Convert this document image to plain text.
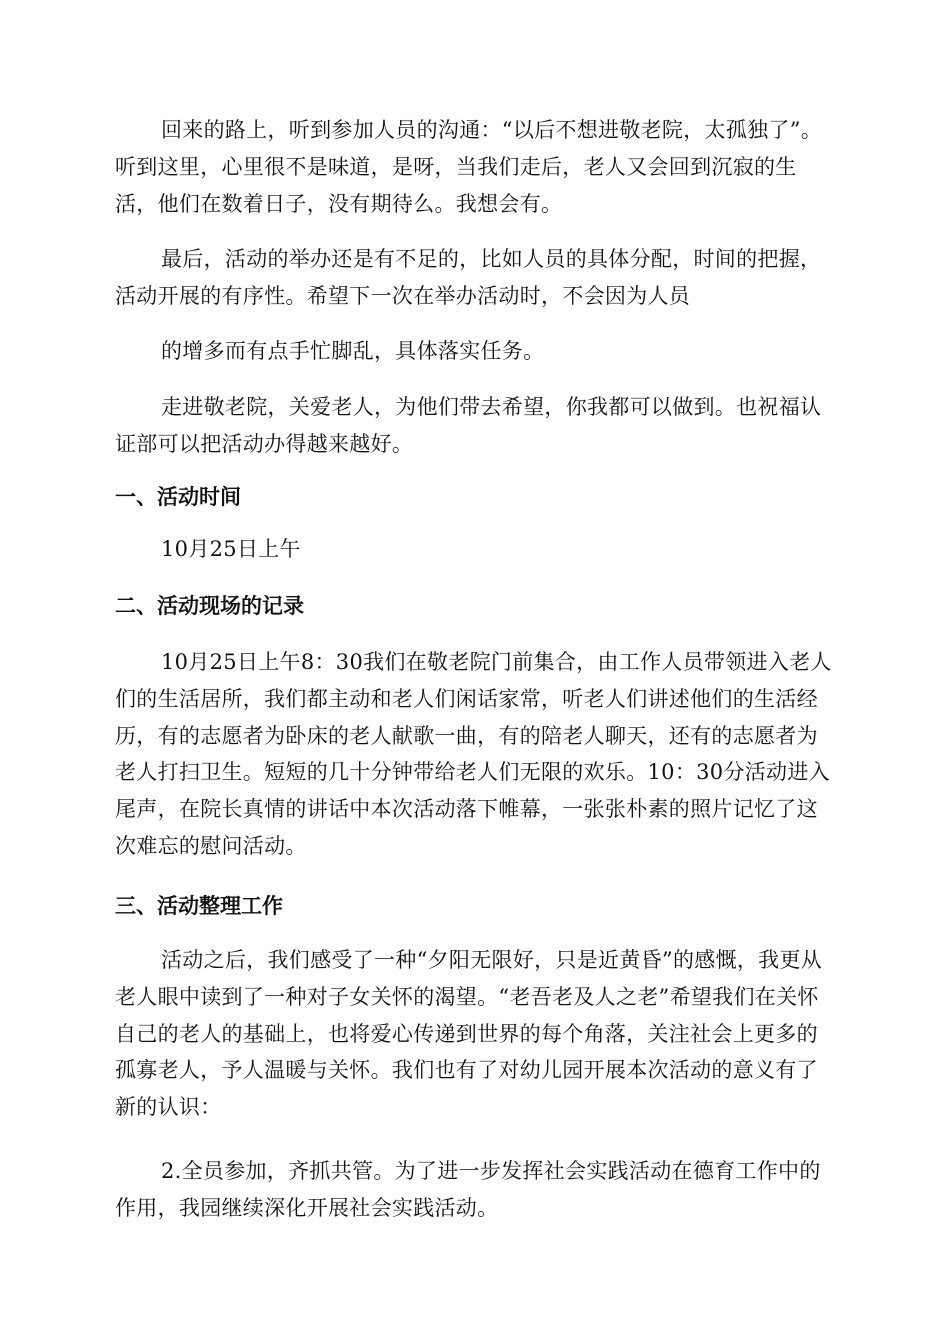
回来的路上，听到参加人员的沟通：“以后不想进敬老院，太孤独了”。听到这里，心里很不是味道，是呀，当我们走后，老人又会回到沉寂的生活，他们在数着日子，没有期待么。我想会有。

最后，活动的举办还是有不足的，比如人员的具体分配，时间的把握，活动开展的有序性。希望下一次在举办活动时，不会因为人员

的增多而有点手忙脚乱，具体落实任务。

走进敬老院，关爱老人，为他们带去希望，你我都可以做到。也祝福认证部可以把活动办得越来越好。

一、活动时间

10月25日上午

二、活动现场的记录

10月25日上午8：30我们在敬老院门前集合，由工作人员带领进入老人们的生活居所，我们都主动和老人们闲话家常，听老人们讲述他们的生活经历，有的志愿者为卧床的老人献歌一曲，有的陪老人聊天，还有的志愿者为老人打扫卫生。短短的几十分钟带给老人们无限的欢乐。10：30分活动进入尾声，在院长真情的讲话中本次活动落下帷幕，一张张朴素的照片记忆了这次难忘的慰问活动。

三、活动整理工作

活动之后，我们感受了一种“夕阳无限好，只是近黄昏”的感慨，我更从老人眼中读到了一种对子女关怀的渴望。“老吾老及人之老”希望我们在关怀自己的老人的基础上，也将爱心传递到世界的每个角落，关注社会上更多的孤寡老人，予人温暖与关怀。我们也有了对幼儿园开展本次活动的意义有了新的认识：

2.全员参加，齐抓共管。为了进一步发挥社会实践活动在德育工作中的作用，我园继续深化开展社会实践活动。
